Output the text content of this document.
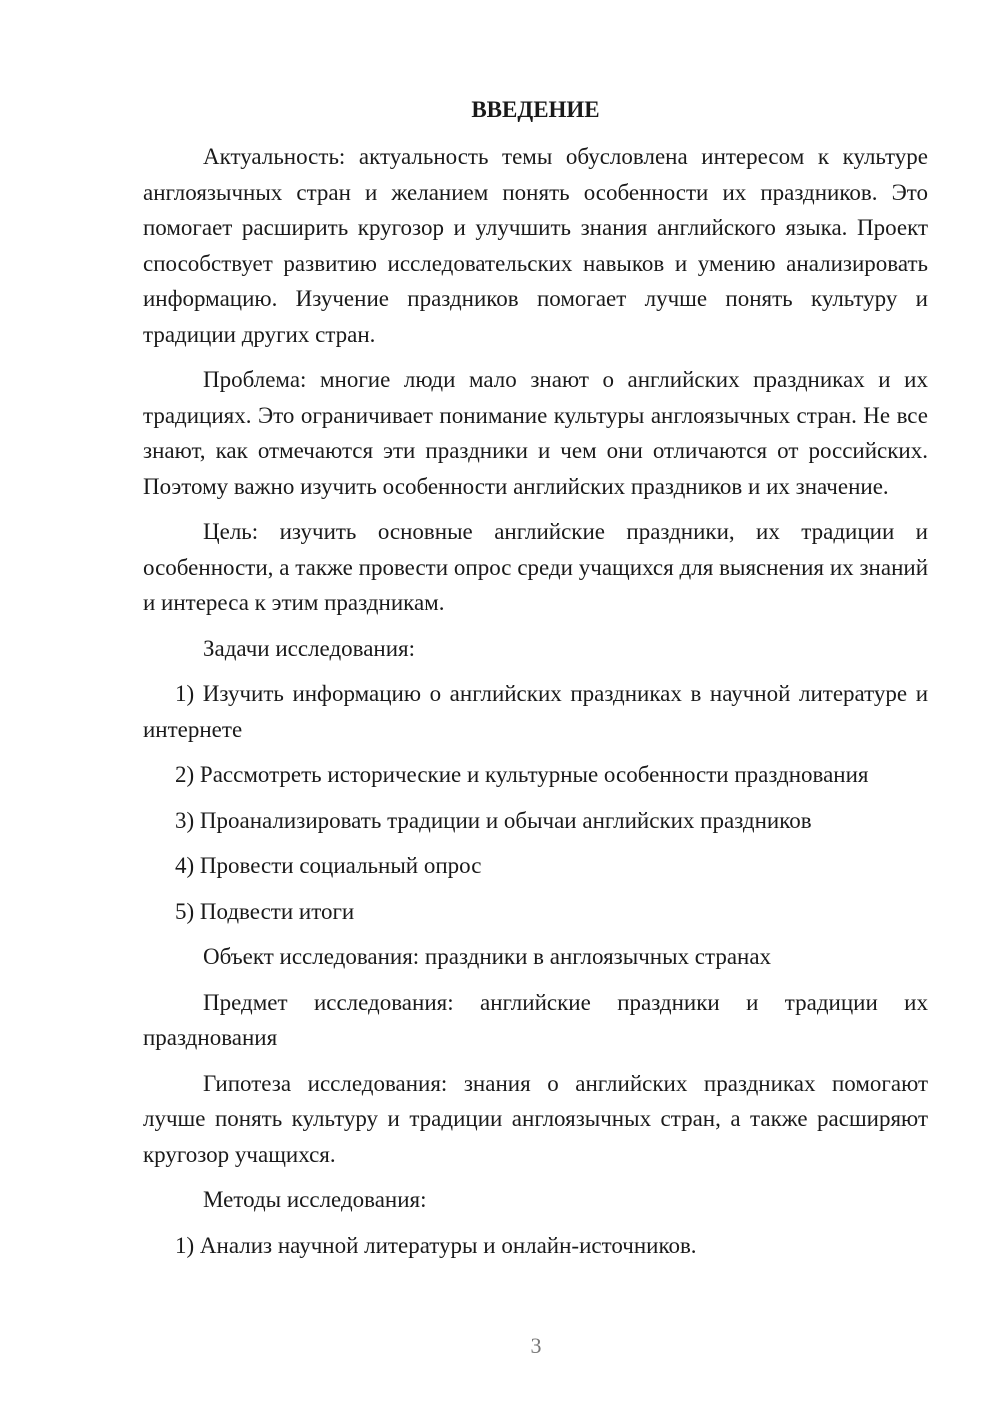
ВВЕДЕНИЕ

Актуальность: актуальность темы обусловлена интересом к культуре англоязычных стран и желанием понять особенности их праздников. Это помогает расширить кругозор и улучшить знания английского языка. Проект способствует развитию исследовательских навыков и умению анализировать информацию. Изучение праздников помогает лучше понять культуру и традиции других стран.

Проблема: многие люди мало знают о английских праздниках и их традициях. Это ограничивает понимание культуры англоязычных стран. Не все знают, как отмечаются эти праздники и чем они отличаются от российских. Поэтому важно изучить особенности английских праздников и их значение.

Цель: изучить основные английские праздники, их традиции и особенности, а также провести опрос среди учащихся для выяснения их знаний и интереса к этим праздникам.

Задачи исследования:

1) Изучить информацию о английских праздниках в научной литературе и интернете

2) Рассмотреть исторические и культурные особенности празднования

3) Проанализировать традиции и обычаи английских праздников

4) Провести социальный опрос

5) Подвести итоги

Объект исследования: праздники в англоязычных странах

Предмет исследования: английские праздники и традиции их празднования

Гипотеза исследования: знания о английских праздниках помогают лучше понять культуру и традиции англоязычных стран, а также расширяют кругозор учащихся.

Методы исследования:

1) Анализ научной литературы и онлайн-источников.

3
